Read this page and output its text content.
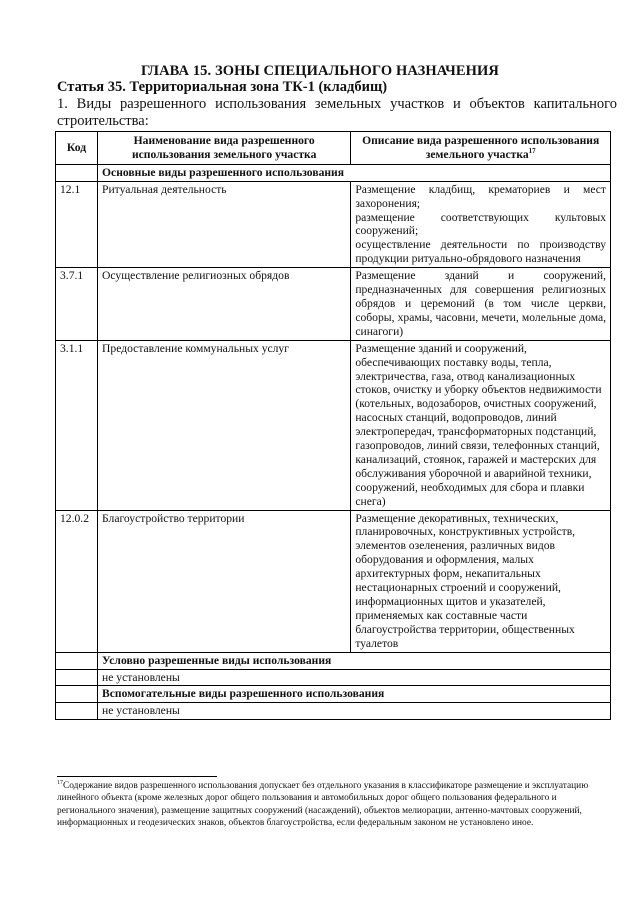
ГЛАВА 15. ЗОНЫ СПЕЦИАЛЬНОГО НАЗНАЧЕНИЯ
Статья 35. Территориальная зона ТК-1 (кладбищ)
1. Виды разрешенного использования земельных участков и объектов капитального строительства:
Код	Наименование вида разрешенного использования земельного участка	Описание вида разрешенного использования земельного участка$^{17}$
	Основные виды разрешенного использования	
12.1	Ритуальная деятельность	Размещение кладбищ, крематориев и мест захоронения;
размещение соответствующих культовых сооружений;
осуществление деятельности по производству продукции ритуально-обрядового назначения

3.7.1	Осуществление религиозных обрядов	Размещение зданий и сооружений, предназначенных для совершения религиозных обрядов и церемоний (в том числе церкви, соборы, храмы, часовни, мечети, молельные дома, синагоги)

3.1.1	Предоставление коммунальных услуг	Размещение зданий и сооружений, обеспечивающих поставку воды, тепла, электричества, газа, отвод канализационных стоков, очистку и уборку объектов недвижимости (котельных, водозаборов, очистных сооружений, насосных станций, водопроводов, линий электропередач, трансформаторных подстанций, газопроводов, линий связи, телефонных станций, канализаций, стоянок, гаражей и мастерских для обслуживания уборочной и аварийной техники, сооружений, необходимых для сбора и плавки снега)

12.0.2	Благоустройство территории	Размещение декоративных, технических, планировочных, конструктивных устройств, элементов озеленения, различных видов оборудования и оформления, малых архитектурных форм, некапитальных нестационарных строений и сооружений, информационных щитов и указателей, применяемых как составные части благоустройства территории, общественных туалетов

	Условно разрешенные виды использования	
	не установлены	
	Вспомогательные виды разрешенного использования	
	не установлены	
$^{17}$Содержание видов разрешенного использования допускает без отдельного указания в классификаторе размещение и эксплуатацию линейного объекта (кроме железных дорог общего пользования и автомобильных дорог общего пользования федерального и регионального значения), размещение защитных сооружений (насаждений), объектов мелиорации, антенно-мачтовых сооружений, информационных и геодезических знаков, объектов благоустройства, если федеральным законом не установлено иное.
